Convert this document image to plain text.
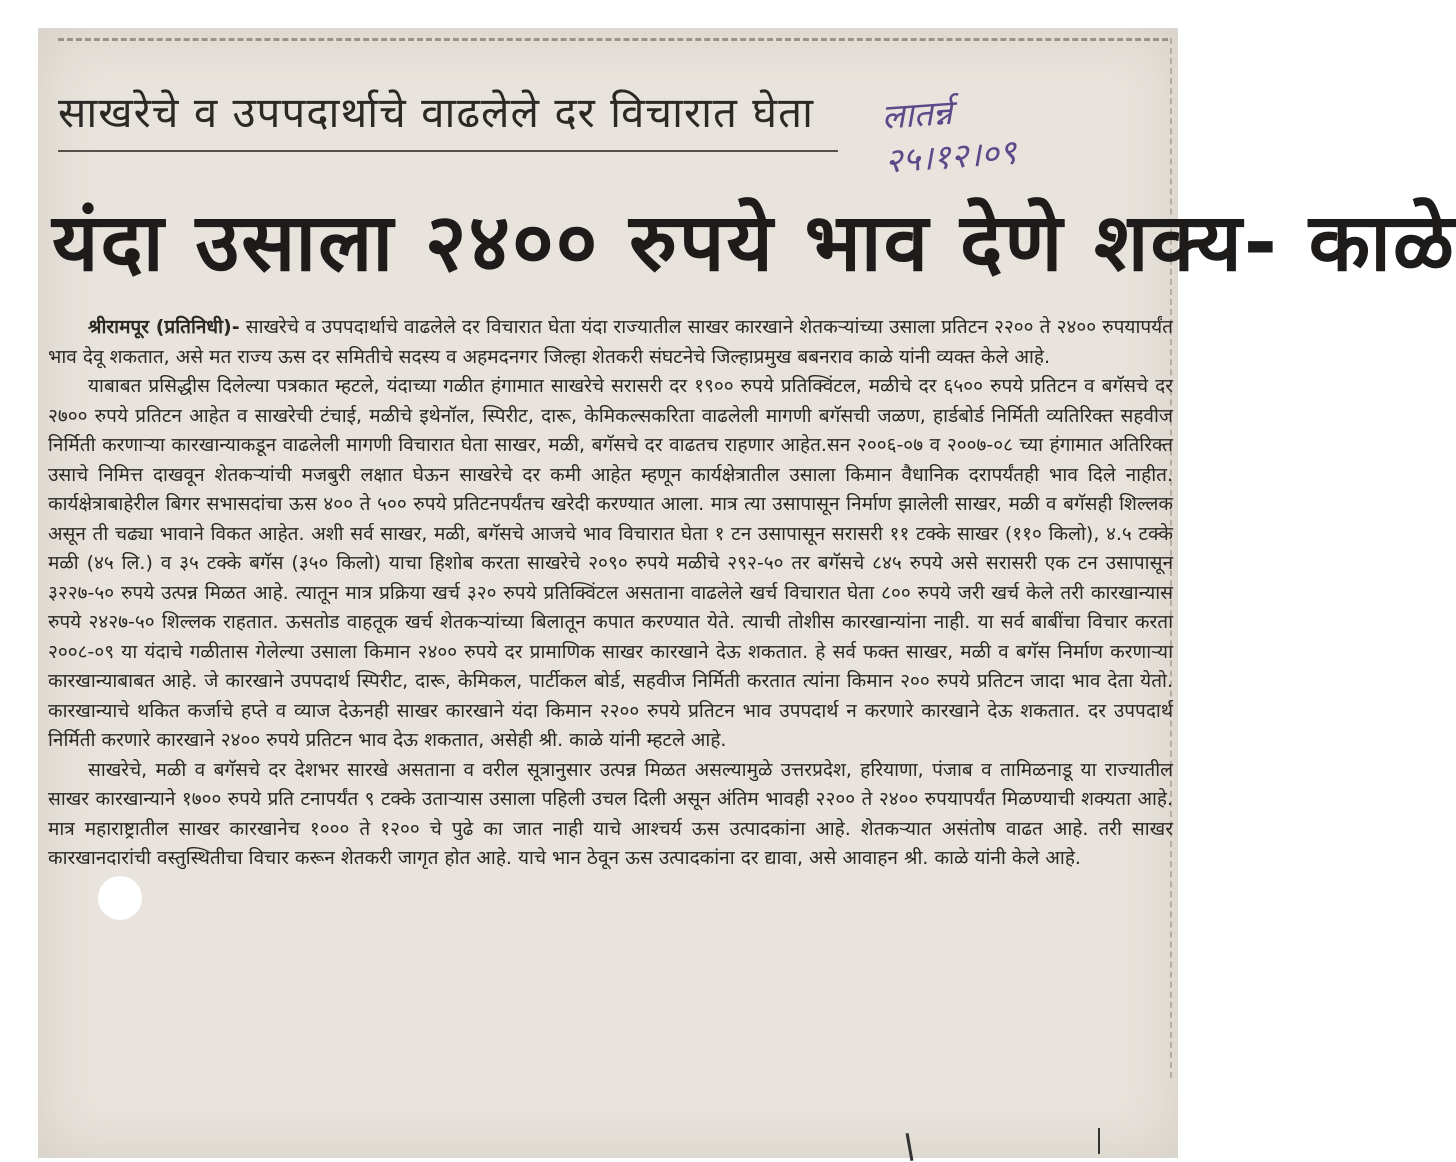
साखरेचे व उपपदार्थाचे वाढलेले दर विचारात घेता	लातर्न्न
२५।१२।०९
यंदा उसाला २४०० रुपये भाव देणे शक्य- काळे

श्रीरामपूर (प्रतिनिधी)- साखरेचे व उपपदार्थाचे वाढलेले दर विचारात घेता यंदा राज्यातील साखर कारखाने शेतकऱ्यांच्या उसाला प्रतिटन २२०० ते २४०० रुपयापर्यंत भाव देवू शकतात, असे मत राज्य ऊस दर समितीचे सदस्य व अहमदनगर जिल्हा शेतकरी संघटनेचे जिल्हाप्रमुख बबनराव काळे यांनी व्यक्त केले आहे.

याबाबत प्रसिद्धीस दिलेल्या पत्रकात म्हटले, यंदाच्या गळीत हंगामात साखरेचे सरासरी दर १९०० रुपये प्रतिक्विंटल, मळीचे दर ६५०० रुपये प्रतिटन व बगॅसचे दर २७०० रुपये प्रतिटन आहेत व साखरेची टंचाई, मळीचे इथेनॉल, स्पिरीट, दारू, केमिकल्सकरिता वाढलेली मागणी बगॅसची जळण, हार्डबोर्ड निर्मिती व्यतिरिक्त सहवीज निर्मिती करणाऱ्या कारखान्याकडून वाढलेली मागणी विचारात घेता साखर, मळी, बगॅसचे दर वाढतच राहणार आहेत.सन २००६-०७ व २००७-०८ च्या हंगामात अतिरिक्त उसाचे निमित्त दाखवून शेतकऱ्यांची मजबुरी लक्षात घेऊन साखरेचे दर कमी आहेत म्हणून कार्यक्षेत्रातील उसाला किमान वैधानिक दरापर्यंतही भाव दिले नाहीत. कार्यक्षेत्राबाहेरील बिगर सभासदांचा ऊस ४०० ते ५०० रुपये प्रतिटनपर्यंतच खरेदी करण्यात आला. मात्र त्या उसापासून निर्माण झालेली साखर, मळी व बगॅसही शिल्लक असून ती चढ्या भावाने विकत आहेत. अशी सर्व साखर, मळी, बगॅसचे आजचे भाव विचारात घेता १ टन उसापासून सरासरी ११ टक्के साखर (११० किलो), ४.५ टक्के मळी (४५ लि.) व ३५ टक्के बगॅस (३५० किलो) याचा हिशोब करता साखरेचे २०९० रुपये मळीचे २९२-५० तर बगॅसचे ८४५ रुपये असे सरासरी एक टन उसापासून ३२२७-५० रुपये उत्पन्न मिळत आहे. त्यातून मात्र प्रक्रिया खर्च ३२० रुपये प्रतिक्विंटल असताना वाढलेले खर्च विचारात घेता ८०० रुपये जरी खर्च केले तरी कारखान्यास रुपये २४२७-५० शिल्लक राहतात. ऊसतोड वाहतूक खर्च शेतकऱ्यांच्या बिलातून कपात करण्यात येते. त्याची तोशीस कारखान्यांना नाही. या सर्व बाबींचा विचार करता २००८-०९ या यंदाचे गळीतास गेलेल्या उसाला किमान २४०० रुपये दर प्रामाणिक साखर कारखाने देऊ शकतात. हे सर्व फक्त साखर, मळी व बगॅस निर्माण करणाऱ्या कारखान्याबाबत आहे. जे कारखाने उपपदार्थ स्पिरीट, दारू, केमिकल, पार्टीकल बोर्ड, सहवीज निर्मिती करतात त्यांना किमान २०० रुपये प्रतिटन जादा भाव देता येतो. कारखान्याचे थकित कर्जाचे हप्ते व व्याज देऊनही साखर कारखाने यंदा किमान २२०० रुपये प्रतिटन भाव उपपदार्थ न करणारे कारखाने देऊ शकतात. दर उपपदार्थ निर्मिती करणारे कारखाने २४०० रुपये प्रतिटन भाव देऊ शकतात, असेही श्री. काळे यांनी म्हटले आहे.

साखरेचे, मळी व बगॅसचे दर देशभर सारखे असताना व वरील सूत्रानुसार उत्पन्न मिळत असल्यामुळे उत्तरप्रदेश, हरियाणा, पंजाब व तामिळनाडू या राज्यातील साखर कारखान्याने १७०० रुपये प्रति टनापर्यंत ९ टक्के उताऱ्यास उसाला पहिली उचल दिली असून अंतिम भावही २२०० ते २४०० रुपयापर्यंत मिळण्याची शक्यता आहे. मात्र महाराष्ट्रातील साखर कारखानेच १००० ते १२०० चे पुढे का जात नाही याचे आश्चर्य ऊस उत्पादकांना आहे. शेतकऱ्यात असंतोष वाढत आहे. तरी साखर कारखानदारांची वस्तुस्थितीचा विचार करून शेतकरी जागृत होत आहे. याचे भान ठेवून ऊस उत्पादकांना दर द्यावा, असे आवाहन श्री. काळे यांनी केले आहे.
